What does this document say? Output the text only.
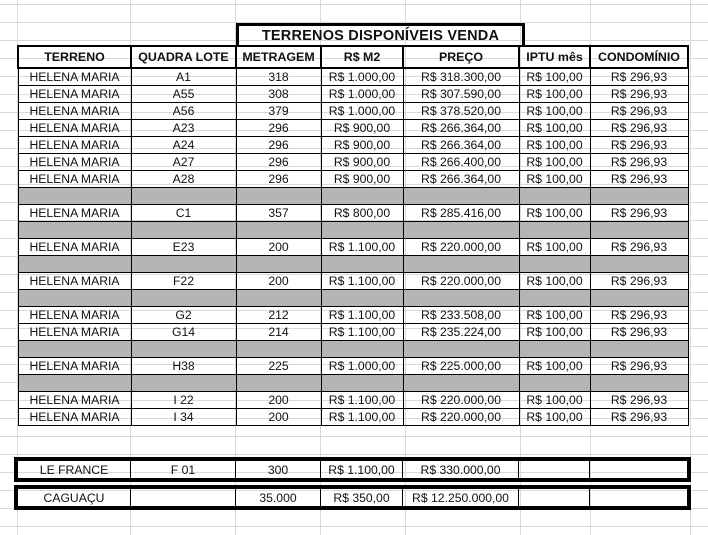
TERRENOS DISPONÍVEIS VENDA
TERRENO	QUADRA LOTE	METRAGEM	R$ M2	PREÇO	IPTU mês	CONDOMÍNIO
HELENA MARIA	A1	318	R$ 1.000,00	R$ 318.300,00	R$ 100,00	R$ 296,93
HELENA MARIA	A55	308	R$ 1.000,00	R$ 307.590,00	R$ 100,00	R$ 296,93
HELENA MARIA	A56	379	R$ 1.000,00	R$ 378.520,00	R$ 100,00	R$ 296,93
HELENA MARIA	A23	296	R$ 900,00	R$ 266.364,00	R$ 100,00	R$ 296,93
HELENA MARIA	A24	296	R$ 900,00	R$ 266.364,00	R$ 100,00	R$ 296,93
HELENA MARIA	A27	296	R$ 900,00	R$ 266.400,00	R$ 100,00	R$ 296,93
HELENA MARIA	A28	296	R$ 900,00	R$ 266.364,00	R$ 100,00	R$ 296,93

HELENA MARIA	C1	357	R$ 800,00	R$ 285.416,00	R$ 100,00	R$ 296,93

HELENA MARIA	E23	200	R$ 1.100,00	R$ 220.000,00	R$ 100,00	R$ 296,93

HELENA MARIA	F22	200	R$ 1.100,00	R$ 220.000,00	R$ 100,00	R$ 296,93

HELENA MARIA	G2	212	R$ 1.100,00	R$ 233.508,00	R$ 100,00	R$ 296,93
HELENA MARIA	G14	214	R$ 1.100,00	R$ 235.224,00	R$ 100,00	R$ 296,93

HELENA MARIA	H38	225	R$ 1.000,00	R$ 225.000,00	R$ 100,00	R$ 296,93

HELENA MARIA	I 22	200	R$ 1.100,00	R$ 220.000,00	R$ 100,00	R$ 296,93
HELENA MARIA	I 34	200	R$ 1.100,00	R$ 220.000,00	R$ 100,00	R$ 296,93
LE FRANCE	F 01	300	R$ 1.100,00	R$ 330.000,00		
CAGUAÇU		35.000	R$ 350,00	R$ 12.250.000,00		
